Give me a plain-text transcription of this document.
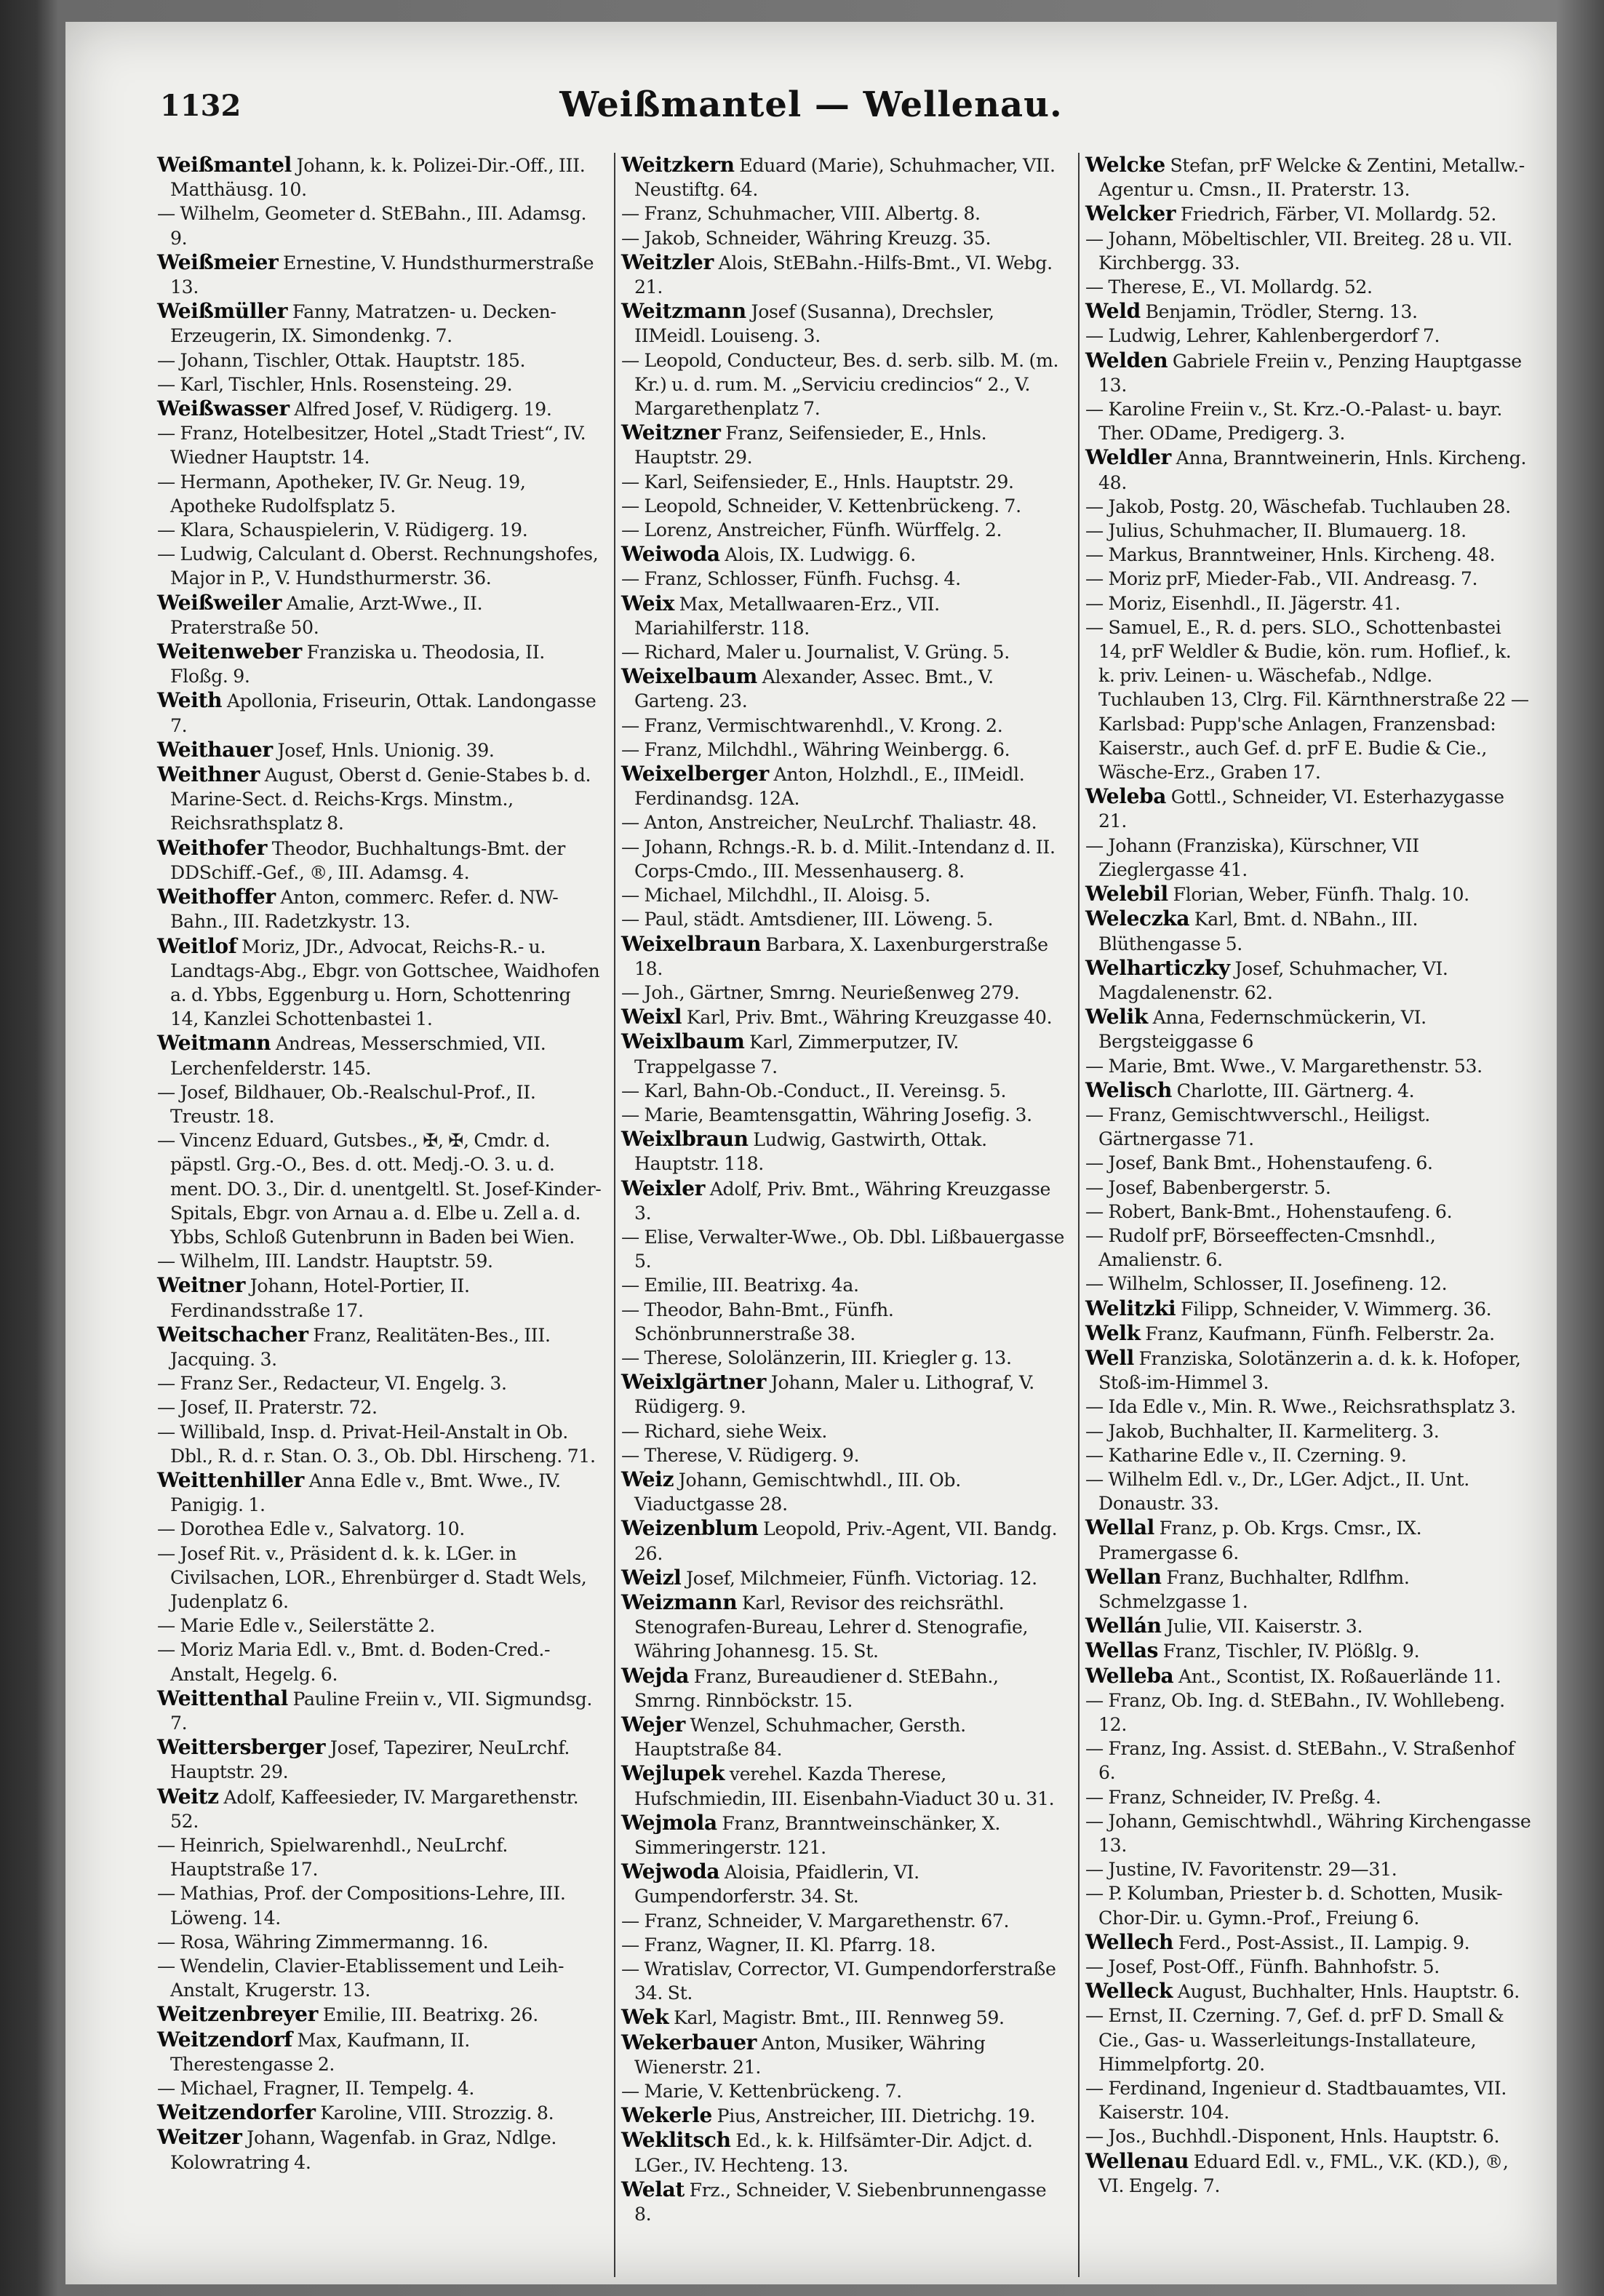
1132	Weißmantel — Wellenau.

Weißmantel Johann, k. k. Polizei-Dir.-Off., III. Matthäusg. 10.

— Wilhelm, Geometer d. StEBahn., III. Adamsg. 9.

Weißmeier Ernestine, V. Hundsthurmerstraße 13.

Weißmüller Fanny, Matratzen- u. Decken-Erzeugerin, IX. Simondenkg. 7.

— Johann, Tischler, Ottak. Hauptstr. 185.

— Karl, Tischler, Hnls. Rosensteing. 29.

Weißwasser Alfred Josef, V. Rüdigerg. 19.

— Franz, Hotelbesitzer, Hotel „Stadt Triest“, IV. Wiedner Hauptstr. 14.

— Hermann, Apotheker, IV. Gr. Neug. 19, Apotheke Rudolfsplatz 5.

— Klara, Schauspielerin, V. Rüdigerg. 19.

— Ludwig, Calculant d. Oberst. Rechnungshofes, Major in P., V. Hundsthurmerstr. 36.

Weißweiler Amalie, Arzt-Wwe., II. Praterstraße 50.

Weitenweber Franziska u. Theodosia, II. Floßg. 9.

Weith Apollonia, Friseurin, Ottak. Landongasse 7.

Weithauer Josef, Hnls. Unionig. 39.

Weithner August, Oberst d. Genie-Stabes b. d. Marine-Sect. d. Reichs-Krgs. Minstm., Reichsrathsplatz 8.

Weithofer Theodor, Buchhaltungs-Bmt. der DDSchiff.-Gef., ®, III. Adamsg. 4.

Weithoffer Anton, commerc. Refer. d. NW-Bahn., III. Radetzkystr. 13.

Weitlof Moriz, JDr., Advocat, Reichs-R.- u. Landtags-Abg., Ebgr. von Gottschee, Waidhofen a. d. Ybbs, Eggenburg u. Horn, Schottenring 14, Kanzlei Schottenbastei 1.

Weitmann Andreas, Messerschmied, VII. Lerchenfelderstr. 145.

— Josef, Bildhauer, Ob.-Realschul-Prof., II. Treustr. 18.

— Vincenz Eduard, Gutsbes., ✠, ✠, Cmdr. d. päpstl. Grg.-O., Bes. d. ott. Medj.-O. 3. u. d. ment. DO. 3., Dir. d. unentgeltl. St. Josef-Kinder-Spitals, Ebgr. von Arnau a. d. Elbe u. Zell a. d. Ybbs, Schloß Gutenbrunn in Baden bei Wien.

— Wilhelm, III. Landstr. Hauptstr. 59.

Weitner Johann, Hotel-Portier, II. Ferdinandsstraße 17.

Weitschacher Franz, Realitäten-Bes., III. Jacquing. 3.

— Franz Ser., Redacteur, VI. Engelg. 3.

— Josef, II. Praterstr. 72.

— Willibald, Insp. d. Privat-Heil-Anstalt in Ob. Dbl., R. d. r. Stan. O. 3., Ob. Dbl. Hirscheng. 71.

Weittenhiller Anna Edle v., Bmt. Wwe., IV. Panigig. 1.

— Dorothea Edle v., Salvatorg. 10.

— Josef Rit. v., Präsident d. k. k. LGer. in Civilsachen, LOR., Ehrenbürger d. Stadt Wels, Judenplatz 6.

— Marie Edle v., Seilerstätte 2.

— Moriz Maria Edl. v., Bmt. d. Boden-Cred.-Anstalt, Hegelg. 6.

Weittenthal Pauline Freiin v., VII. Sigmundsg. 7.

Weittersberger Josef, Tapezirer, NeuLrchf. Hauptstr. 29.

Weitz Adolf, Kaffeesieder, IV. Margarethenstr. 52.

— Heinrich, Spielwarenhdl., NeuLrchf. Hauptstraße 17.

— Mathias, Prof. der Compositions-Lehre, III. Löweng. 14.

— Rosa, Währing Zimmermanng. 16.

— Wendelin, Clavier-Etablissement und Leih-Anstalt, Krugerstr. 13.

Weitzenbreyer Emilie, III. Beatrixg. 26.

Weitzendorf Max, Kaufmann, II. Therestengasse 2.

— Michael, Fragner, II. Tempelg. 4.

Weitzendorfer Karoline, VIII. Strozzig. 8.

Weitzer Johann, Wagenfab. in Graz, Ndlge. Kolowratring 4.

Weitzkern Eduard (Marie), Schuhmacher, VII. Neustiftg. 64.

— Franz, Schuhmacher, VIII. Albertg. 8.

— Jakob, Schneider, Währing Kreuzg. 35.

Weitzler Alois, StEBahn.-Hilfs-Bmt., VI. Webg. 21.

Weitzmann Josef (Susanna), Drechsler, IIMeidl. Louiseng. 3.

— Leopold, Conducteur, Bes. d. serb. silb. M. (m. Kr.) u. d. rum. M. „Serviciu credincios“ 2., V. Margarethenplatz 7.

Weitzner Franz, Seifensieder, E., Hnls. Hauptstr. 29.

— Karl, Seifensieder, E., Hnls. Hauptstr. 29.

— Leopold, Schneider, V. Kettenbrückeng. 7.

— Lorenz, Anstreicher, Fünfh. Würffelg. 2.

Weiwoda Alois, IX. Ludwigg. 6.

— Franz, Schlosser, Fünfh. Fuchsg. 4.

Weix Max, Metallwaaren-Erz., VII. Mariahilferstr. 118.

— Richard, Maler u. Journalist, V. Grüng. 5.

Weixelbaum Alexander, Assec. Bmt., V. Garteng. 23.

— Franz, Vermischtwarenhdl., V. Krong. 2.

— Franz, Milchdhl., Währing Weinbergg. 6.

Weixelberger Anton, Holzhdl., E., IIMeidl. Ferdinandsg. 12A.

— Anton, Anstreicher, NeuLrchf. Thaliastr. 48.

— Johann, Rchngs.-R. b. d. Milit.-Intendanz d. II. Corps-Cmdo., III. Messenhauserg. 8.

— Michael, Milchdhl., II. Aloisg. 5.

— Paul, städt. Amtsdiener, III. Löweng. 5.

Weixelbraun Barbara, X. Laxenburgerstraße 18.

— Joh., Gärtner, Smrng. Neurießenweg 279.

Weixl Karl, Priv. Bmt., Währing Kreuzgasse 40.

Weixlbaum Karl, Zimmerputzer, IV. Trappelgasse 7.

— Karl, Bahn-Ob.-Conduct., II. Vereinsg. 5.

— Marie, Beamtensgattin, Währing Josefig. 3.

Weixlbraun Ludwig, Gastwirth, Ottak. Hauptstr. 118.

Weixler Adolf, Priv. Bmt., Währing Kreuzgasse 3.

— Elise, Verwalter-Wwe., Ob. Dbl. Lißbauergasse 5.

— Emilie, III. Beatrixg. 4a.

— Theodor, Bahn-Bmt., Fünfh. Schönbrunnerstraße 38.

— Therese, Sololänzerin, III. Kriegler g. 13.

Weixlgärtner Johann, Maler u. Lithograf, V. Rüdigerg. 9.

— Richard, siehe Weix.

— Therese, V. Rüdigerg. 9.

Weiz Johann, Gemischtwhdl., III. Ob. Viaductgasse 28.

Weizenblum Leopold, Priv.-Agent, VII. Bandg. 26.

Weizl Josef, Milchmeier, Fünfh. Victoriag. 12.

Weizmann Karl, Revisor des reichsräthl. Stenografen-Bureau, Lehrer d. Stenografie, Währing Johannesg. 15. St.

Wejda Franz, Bureaudiener d. StEBahn., Smrng. Rinnböckstr. 15.

Wejer Wenzel, Schuhmacher, Gersth. Hauptstraße 84.

Wejlupek verehel. Kazda Therese, Hufschmiedin, III. Eisenbahn-Viaduct 30 u. 31.

Wejmola Franz, Branntweinschänker, X. Simmeringerstr. 121.

Wejwoda Aloisia, Pfaidlerin, VI. Gumpendorferstr. 34. St.

— Franz, Schneider, V. Margarethenstr. 67.

— Franz, Wagner, II. Kl. Pfarrg. 18.

— Wratislav, Corrector, VI. Gumpendorferstraße 34. St.

Wek Karl, Magistr. Bmt., III. Rennweg 59.

Wekerbauer Anton, Musiker, Währing Wienerstr. 21.

— Marie, V. Kettenbrückeng. 7.

Wekerle Pius, Anstreicher, III. Dietrichg. 19.

Weklitsch Ed., k. k. Hilfsämter-Dir. Adjct. d. LGer., IV. Hechteng. 13.

Welat Frz., Schneider, V. Siebenbrunnengasse 8.

Welcke Stefan, prF Welcke & Zentini, Metallw.-Agentur u. Cmsn., II. Praterstr. 13.

Welcker Friedrich, Färber, VI. Mollardg. 52.

— Johann, Möbeltischler, VII. Breiteg. 28 u. VII. Kirchbergg. 33.

— Therese, E., VI. Mollardg. 52.

Weld Benjamin, Trödler, Sterng. 13.

— Ludwig, Lehrer, Kahlenbergerdorf 7.

Welden Gabriele Freiin v., Penzing Hauptgasse 13.

— Karoline Freiin v., St. Krz.-O.-Palast- u. bayr. Ther. ODame, Predigerg. 3.

Weldler Anna, Branntweinerin, Hnls. Kircheng. 48.

— Jakob, Postg. 20, Wäschefab. Tuchlauben 28.

— Julius, Schuhmacher, II. Blumauerg. 18.

— Markus, Branntweiner, Hnls. Kircheng. 48.

— Moriz prF, Mieder-Fab., VII. Andreasg. 7.

— Moriz, Eisenhdl., II. Jägerstr. 41.

— Samuel, E., R. d. pers. SLO., Schottenbastei 14, prF Weldler & Budie, kön. rum. Hoflief., k. k. priv. Leinen- u. Wäschefab., Ndlge. Tuchlauben 13, Clrg. Fil. Kärnthnerstraße 22 — Karlsbad: Pupp'sche Anlagen, Franzensbad: Kaiserstr., auch Gef. d. prF E. Budie & Cie., Wäsche-Erz., Graben 17.

Weleba Gottl., Schneider, VI. Esterhazygasse 21.

— Johann (Franziska), Kürschner, VII Zieglergasse 41.

Welebil Florian, Weber, Fünfh. Thalg. 10.

Weleczka Karl, Bmt. d. NBahn., III. Blüthengasse 5.

Welharticzky Josef, Schuhmacher, VI. Magdalenenstr. 62.

Welik Anna, Federnschmückerin, VI. Bergsteiggasse 6

— Marie, Bmt. Wwe., V. Margarethenstr. 53.

Welisch Charlotte, III. Gärtnerg. 4.

— Franz, Gemischtwverschl., Heiligst. Gärtnergasse 71.

— Josef, Bank Bmt., Hohenstaufeng. 6.

— Josef, Babenbergerstr. 5.

— Robert, Bank-Bmt., Hohenstaufeng. 6.

— Rudolf prF, Börseeffecten-Cmsnhdl., Amalienstr. 6.

— Wilhelm, Schlosser, II. Josefineng. 12.

Welitzki Filipp, Schneider, V. Wimmerg. 36.

Welk Franz, Kaufmann, Fünfh. Felberstr. 2a.

Well Franziska, Solotänzerin a. d. k. k. Hofoper, Stoß-im-Himmel 3.

— Ida Edle v., Min. R. Wwe., Reichsrathsplatz 3.

— Jakob, Buchhalter, II. Karmeliterg. 3.

— Katharine Edle v., II. Czerning. 9.

— Wilhelm Edl. v., Dr., LGer. Adjct., II. Unt. Donaustr. 33.

Wellal Franz, p. Ob. Krgs. Cmsr., IX. Pramergasse 6.

Wellan Franz, Buchhalter, Rdlfhm. Schmelzgasse 1.

Wellán Julie, VII. Kaiserstr. 3.

Wellas Franz, Tischler, IV. Plößlg. 9.

Welleba Ant., Scontist, IX. Roßauerlände 11.

— Franz, Ob. Ing. d. StEBahn., IV. Wohllebeng. 12.

— Franz, Ing. Assist. d. StEBahn., V. Straßenhof 6.

— Franz, Schneider, IV. Preßg. 4.

— Johann, Gemischtwhdl., Währing Kirchengasse 13.

— Justine, IV. Favoritenstr. 29—31.

— P. Kolumban, Priester b. d. Schotten, Musik-Chor-Dir. u. Gymn.-Prof., Freiung 6.

Wellech Ferd., Post-Assist., II. Lampig. 9.

— Josef, Post-Off., Fünfh. Bahnhofstr. 5.

Welleck August, Buchhalter, Hnls. Hauptstr. 6.

— Ernst, II. Czerning. 7, Gef. d. prF D. Small & Cie., Gas- u. Wasserleitungs-Installateure, Himmelpfortg. 20.

— Ferdinand, Ingenieur d. Stadtbauamtes, VII. Kaiserstr. 104.

— Jos., Buchhdl.-Disponent, Hnls. Hauptstr. 6.

Wellenau Eduard Edl. v., FML., V.K. (KD.), ®, VI. Engelg. 7.
